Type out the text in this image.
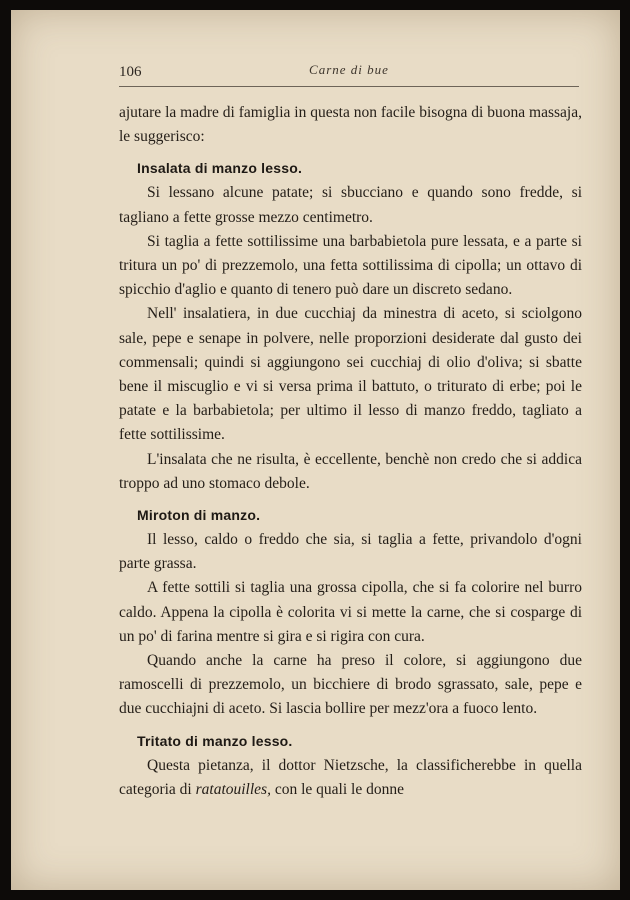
106	Carne di bue

ajutare la madre di famiglia in questa non facile bisogna di buona massaja, le suggerisco:

Insalata di manzo lesso.

Si lessano alcune patate; si sbucciano e quando sono fredde, si tagliano a fette grosse mezzo centimetro.

Si taglia a fette sottilissime una barbabietola pure lessata, e a parte si tritura un po' di prezzemolo, una fetta sottilissima di cipolla; un ottavo di spicchio d'aglio e quanto di tenero può dare un discreto sedano.

Nell' insalatiera, in due cucchiaj da minestra di aceto, si sciolgono sale, pepe e senape in polvere, nelle proporzioni desiderate dal gusto dei commensali; quindi si aggiungono sei cucchiaj di olio d'oliva; si sbatte bene il miscuglio e vi si versa prima il battuto, o triturato di erbe; poi le patate e la barbabietola; per ultimo il lesso di manzo freddo, tagliato a fette sottilissime.

L'insalata che ne risulta, è eccellente, benchè non credo che si addica troppo ad uno stomaco debole.

Miroton di manzo.

Il lesso, caldo o freddo che sia, si taglia a fette, privandolo d'ogni parte grassa.

A fette sottili si taglia una grossa cipolla, che si fa colorire nel burro caldo. Appena la cipolla è colorita vi si mette la carne, che si cosparge di un po' di farina mentre si gira e si rigira con cura.

Quando anche la carne ha preso il colore, si aggiungono due ramoscelli di prezzemolo, un bicchiere di brodo sgrassato, sale, pepe e due cucchiajni di aceto. Si lascia bollire per mezz'ora a fuoco lento.

Tritato di manzo lesso.

Questa pietanza, il dottor Nietzsche, la classificherebbe in quella categoria di ratatouilles, con le quali le donne
